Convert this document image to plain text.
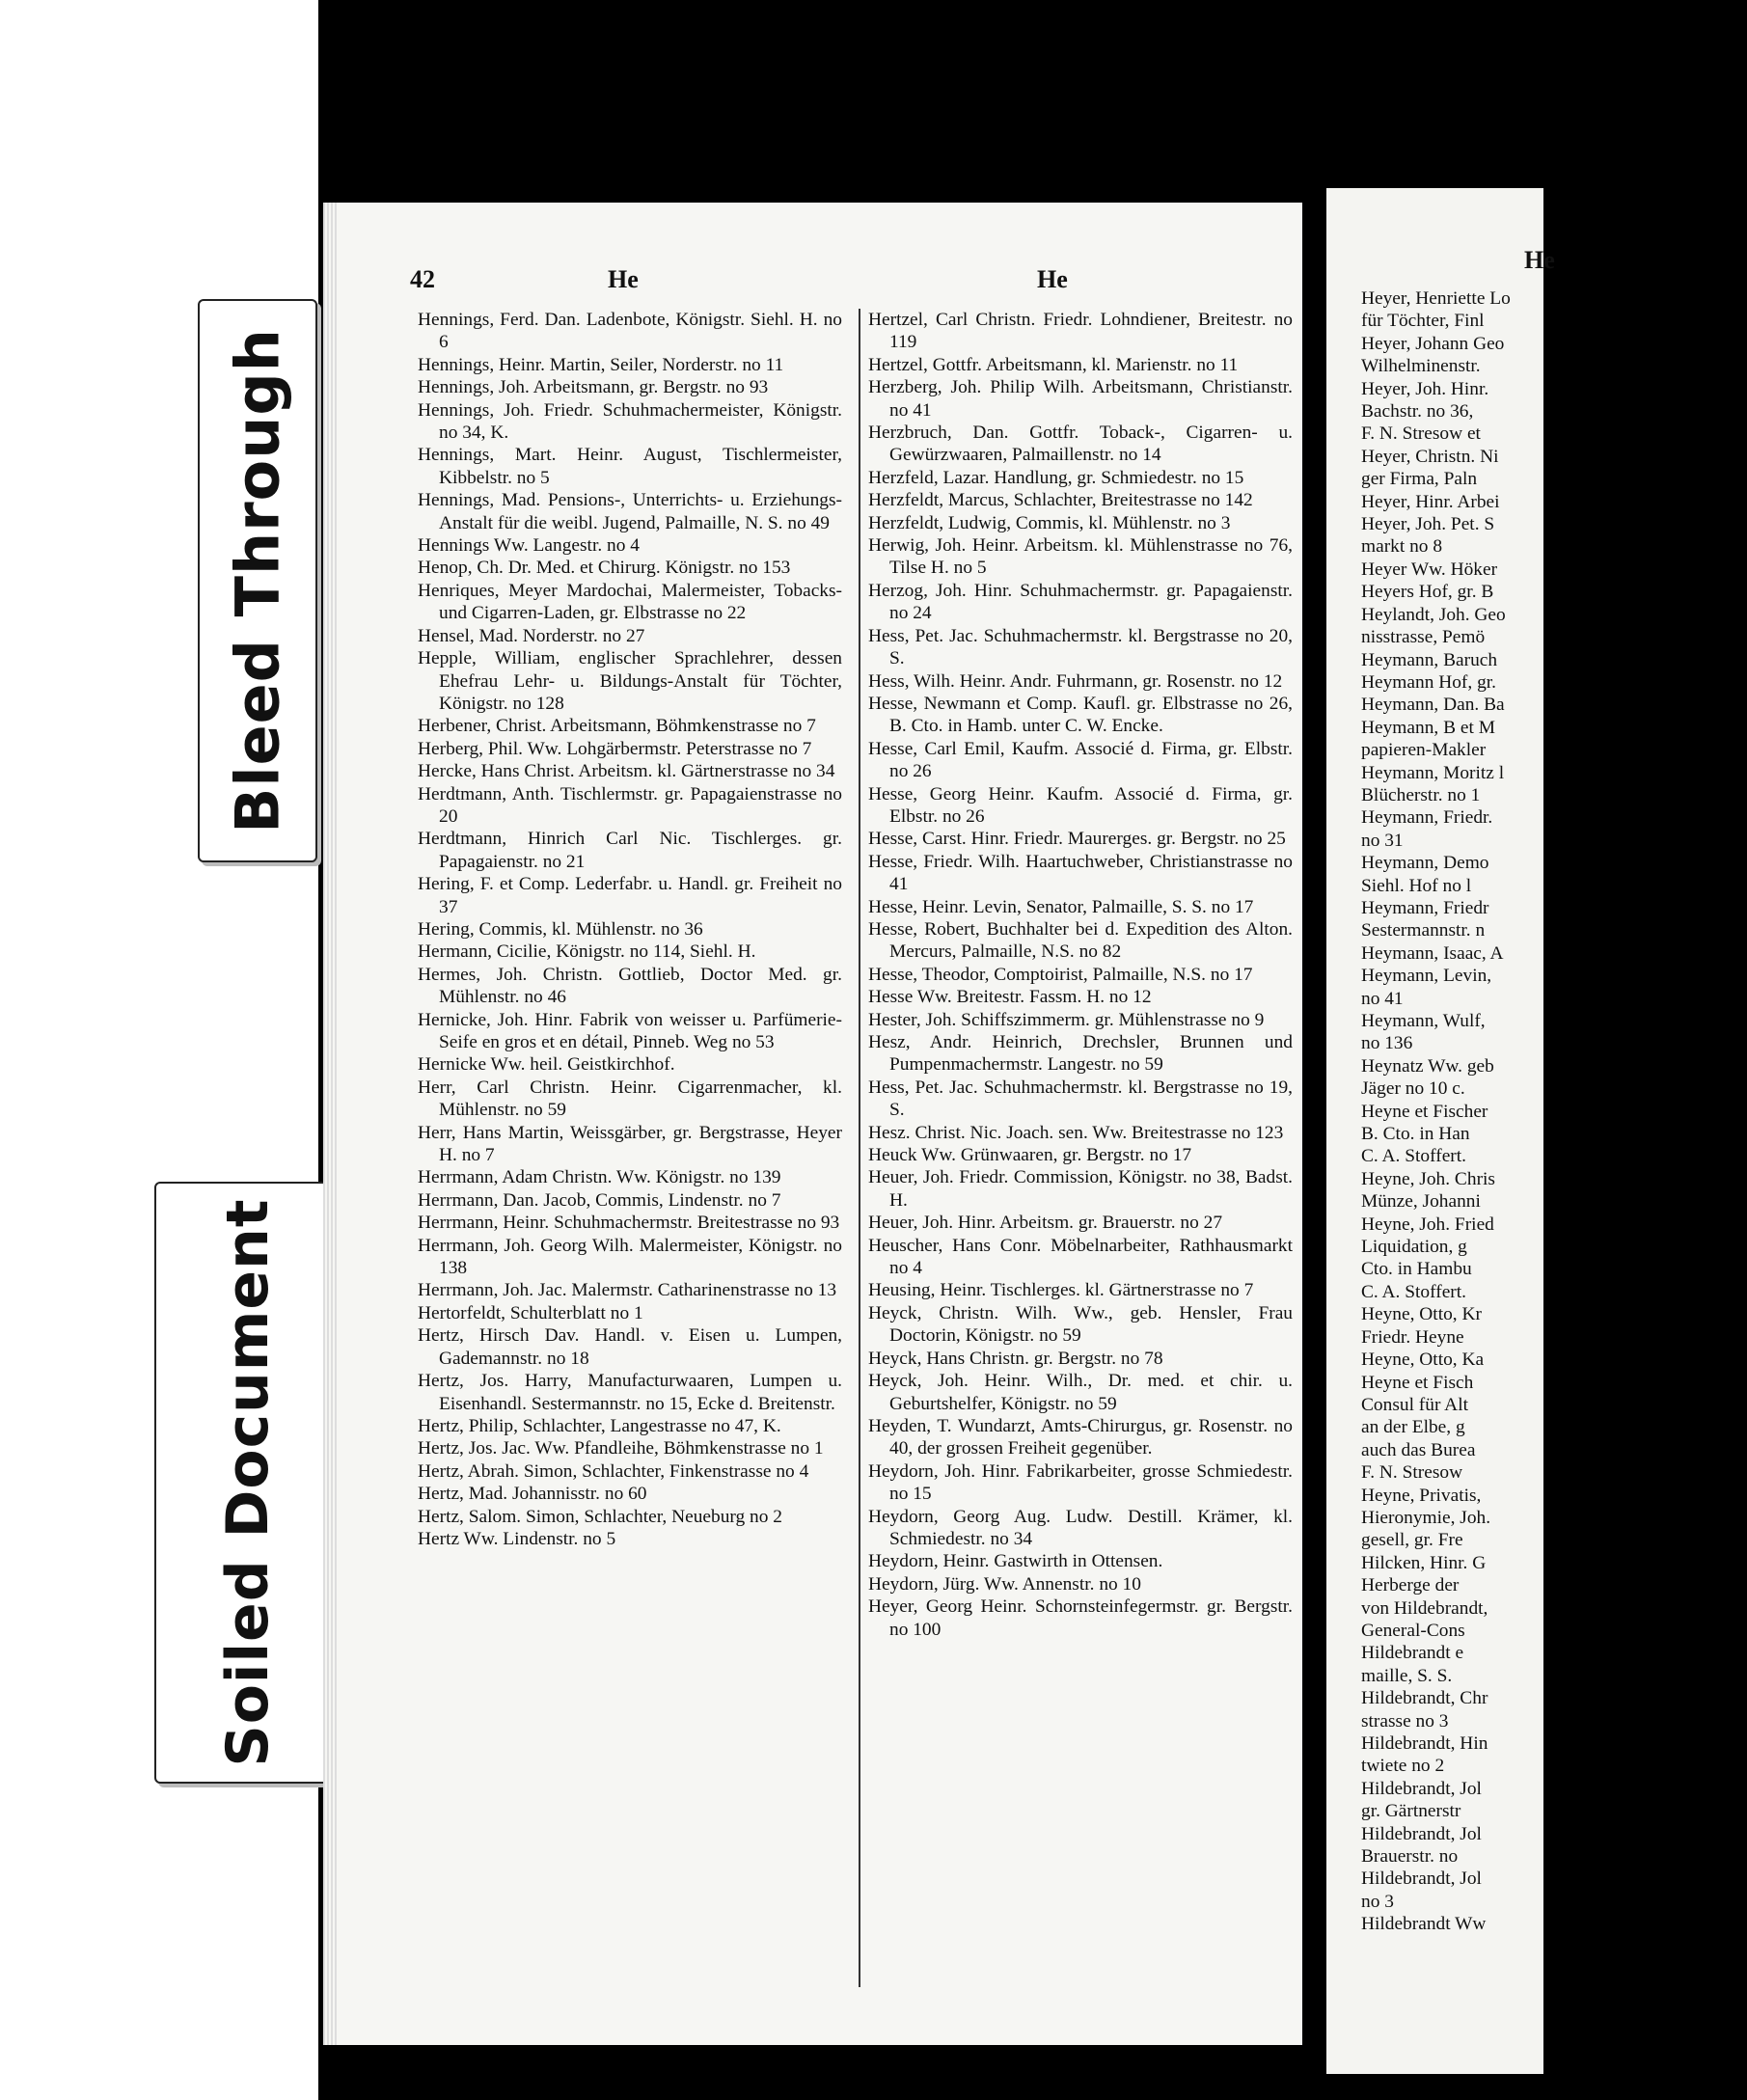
Bleed Through
Soiled Document
42	He	He

Hennings, Ferd. Dan. Ladenbote, Königstr. Siehl. H. no 6

Hennings, Heinr. Martin, Seiler, Norderstr. no 11

Hennings, Joh. Arbeitsmann, gr. Bergstr. no 93

Hennings, Joh. Friedr. Schuhmachermeister, Königstr. no 34, K.

Hennings, Mart. Heinr. August, Tischlermeister, Kibbelstr. no 5

Hennings, Mad. Pensions-, Unterrichts- u. Erziehungs-Anstalt für die weibl. Jugend, Palmaille, N. S. no 49

Hennings Ww. Langestr. no 4

Henop, Ch. Dr. Med. et Chirurg. Königstr. no 153

Henriques, Meyer Mardochai, Malermeister, Tobacks- und Cigarren-Laden, gr. Elbstrasse no 22

Hensel, Mad. Norderstr. no 27

Hepple, William, englischer Sprachlehrer, dessen Ehefrau Lehr- u. Bildungs-Anstalt für Töchter, Königstr. no 128

Herbener, Christ. Arbeitsmann, Böhmkenstrasse no 7

Herberg, Phil. Ww. Lohgärbermstr. Peterstrasse no 7

Hercke, Hans Christ. Arbeitsm. kl. Gärtnerstrasse no 34

Herdtmann, Anth. Tischlermstr. gr. Papagaienstrasse no 20

Herdtmann, Hinrich Carl Nic. Tischlerges. gr. Papagaienstr. no 21

Hering, F. et Comp. Lederfabr. u. Handl. gr. Freiheit no 37

Hering, Commis, kl. Mühlenstr. no 36

Hermann, Cicilie, Königstr. no 114, Siehl. H.

Hermes, Joh. Christn. Gottlieb, Doctor Med. gr. Mühlenstr. no 46

Hernicke, Joh. Hinr. Fabrik von weisser u. Parfümerie-Seife en gros et en détail, Pinneb. Weg no 53

Hernicke Ww. heil. Geistkirchhof.

Herr, Carl Christn. Heinr. Cigarrenmacher, kl. Mühlenstr. no 59

Herr, Hans Martin, Weissgärber, gr. Bergstrasse, Heyer H. no 7

Herrmann, Adam Christn. Ww. Königstr. no 139

Herrmann, Dan. Jacob, Commis, Lindenstr. no 7

Herrmann, Heinr. Schuhmachermstr. Breitestrasse no 93

Herrmann, Joh. Georg Wilh. Malermeister, Königstr. no 138

Herrmann, Joh. Jac. Malermstr. Catharinenstrasse no 13

Hertorfeldt, Schulterblatt no 1

Hertz, Hirsch Dav. Handl. v. Eisen u. Lumpen, Gademannstr. no 18

Hertz, Jos. Harry, Manufacturwaaren, Lumpen u. Eisenhandl. Sestermannstr. no 15, Ecke d. Breitenstr.

Hertz, Philip, Schlachter, Langestrasse no 47, K.

Hertz, Jos. Jac. Ww. Pfandleihe, Böhmkenstrasse no 1

Hertz, Abrah. Simon, Schlachter, Finkenstrasse no 4

Hertz, Mad. Johannisstr. no 60

Hertz, Salom. Simon, Schlachter, Neueburg no 2

Hertz Ww. Lindenstr. no 5

Hertzel, Carl Christn. Friedr. Lohndiener, Breitestr. no 119

Hertzel, Gottfr. Arbeitsmann, kl. Marienstr. no 11

Herzberg, Joh. Philip Wilh. Arbeitsmann, Christianstr. no 41

Herzbruch, Dan. Gottfr. Toback-, Cigarren- u. Gewürzwaaren, Palmaillenstr. no 14

Herzfeld, Lazar. Handlung, gr. Schmiedestr. no 15

Herzfeldt, Marcus, Schlachter, Breitestrasse no 142

Herzfeldt, Ludwig, Commis, kl. Mühlenstr. no 3

Herwig, Joh. Heinr. Arbeitsm. kl. Mühlenstrasse no 76, Tilse H. no 5

Herzog, Joh. Hinr. Schuhmachermstr. gr. Papagaienstr. no 24

Hess, Pet. Jac. Schuhmachermstr. kl. Bergstrasse no 20, S.

Hess, Wilh. Heinr. Andr. Fuhrmann, gr. Rosenstr. no 12

Hesse, Newmann et Comp. Kaufl. gr. Elbstrasse no 26, B. Cto. in Hamb. unter C. W. Encke.

Hesse, Carl Emil, Kaufm. Associé d. Firma, gr. Elbstr. no 26

Hesse, Georg Heinr. Kaufm. Associé d. Firma, gr. Elbstr. no 26

Hesse, Carst. Hinr. Friedr. Maurerges. gr. Bergstr. no 25

Hesse, Friedr. Wilh. Haartuchweber, Christianstrasse no 41

Hesse, Heinr. Levin, Senator, Palmaille, S. S. no 17

Hesse, Robert, Buchhalter bei d. Expedition des Alton. Mercurs, Palmaille, N.S. no 82

Hesse, Theodor, Comptoirist, Palmaille, N.S. no 17

Hesse Ww. Breitestr. Fassm. H. no 12

Hester, Joh. Schiffszimmerm. gr. Mühlenstrasse no 9

Hesz, Andr. Heinrich, Drechsler, Brunnen und Pumpenmachermstr. Langestr. no 59

Hess, Pet. Jac. Schuhmachermstr. kl. Bergstrasse no 19, S.

Hesz. Christ. Nic. Joach. sen. Ww. Breitestrasse no 123

Heuck Ww. Grünwaaren, gr. Bergstr. no 17

Heuer, Joh. Friedr. Commission, Königstr. no 38, Badst. H.

Heuer, Joh. Hinr. Arbeitsm. gr. Brauerstr. no 27

Heuscher, Hans Conr. Möbelnarbeiter, Rathhausmarkt no 4

Heusing, Heinr. Tischlerges. kl. Gärtnerstrasse no 7

Heyck, Christn. Wilh. Ww., geb. Hensler, Frau Doctorin, Königstr. no 59

Heyck, Hans Christn. gr. Bergstr. no 78

Heyck, Joh. Heinr. Wilh., Dr. med. et chir. u. Geburtshelfer, Königstr. no 59

Heyden, T. Wundarzt, Amts-Chirurgus, gr. Rosenstr. no 40, der grossen Freiheit gegenüber.

Heydorn, Joh. Hinr. Fabrikarbeiter, grosse Schmiedestr. no 15

Heydorn, Georg Aug. Ludw. Destill. Krämer, kl. Schmiedestr. no 34

Heydorn, Heinr. Gastwirth in Ottensen.

Heydorn, Jürg. Ww. Annenstr. no 10

Heyer, Georg Heinr. Schornsteinfegermstr. gr. Bergstr. no 100

He

Heyer, Henriette Lo

für Töchter, Finl

Heyer, Johann Geo

Wilhelminenstr.

Heyer, Joh. Hinr.

Bachstr. no 36,

F. N. Stresow et

Heyer, Christn. Ni

ger Firma, Paln

Heyer, Hinr. Arbei

Heyer, Joh. Pet. S

markt no 8

Heyer Ww. Höker

Heyers Hof, gr. B

Heylandt, Joh. Geo

nisstrasse, Pemö

Heymann, Baruch

Heymann Hof, gr.

Heymann, Dan. Ba

Heymann, B et M

papieren-Makler

Heymann, Moritz l

Blücherstr. no 1

Heymann, Friedr.

no 31

Heymann, Demo

Siehl. Hof no l

Heymann, Friedr

Sestermannstr. n

Heymann, Isaac, A

Heymann, Levin,

no 41

Heymann, Wulf,

no 136

Heynatz Ww. geb

Jäger no 10 c.

Heyne et Fischer

B. Cto. in Han

C. A. Stoffert.

Heyne, Joh. Chris

Münze, Johanni

Heyne, Joh. Fried

Liquidation, g

Cto. in Hambu

C. A. Stoffert.

Heyne, Otto, Kr

Friedr. Heyne

Heyne, Otto, Ka

Heyne et Fisch

Consul für Alt

an der Elbe, g

auch das Burea

F. N. Stresow

Heyne, Privatis,

Hieronymie, Joh.

gesell, gr. Fre

Hilcken, Hinr. G

Herberge der

von Hildebrandt,

General-Cons

Hildebrandt e

maille, S. S.

Hildebrandt, Chr

strasse no 3

Hildebrandt, Hin

twiete no 2

Hildebrandt, Jol

gr. Gärtnerstr

Hildebrandt, Jol

Brauerstr. no

Hildebrandt, Jol

no 3

Hildebrandt Ww
